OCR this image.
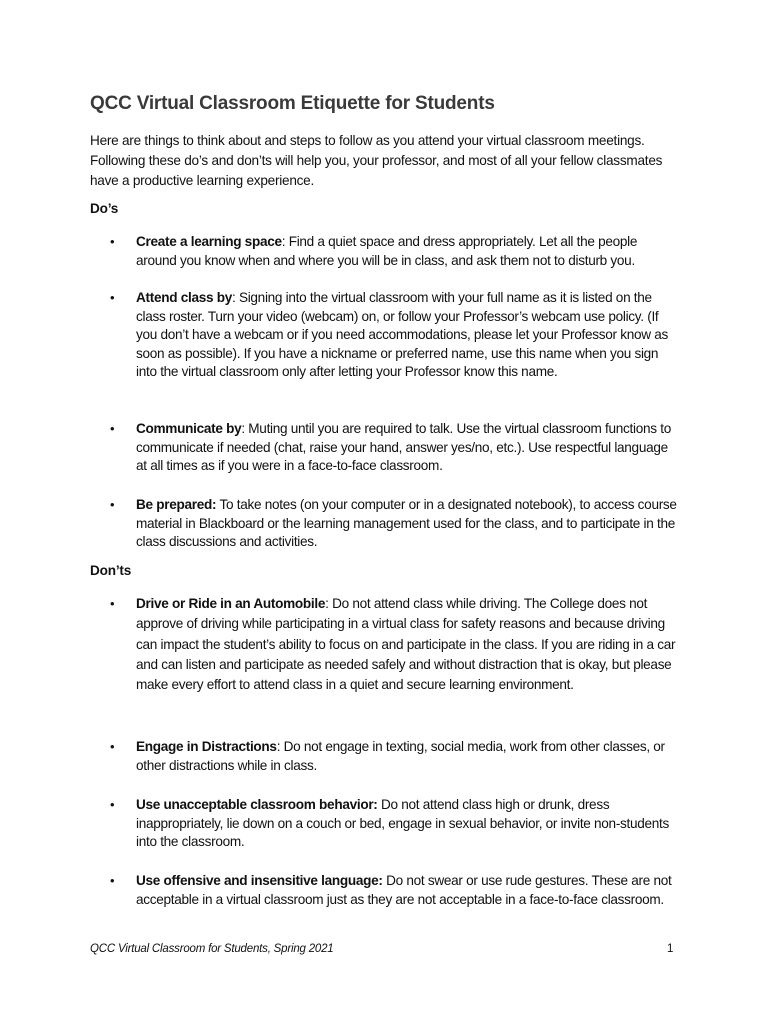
QCC Virtual Classroom Etiquette for Students
Here are things to think about and steps to follow as you attend your virtual classroom meetings. Following these do’s and don’ts will help you, your professor, and most of all your fellow classmates have a productive learning experience.
Do’s
• Create a learning space: Find a quiet space and dress appropriately. Let all the people around you know when and where you will be in class, and ask them not to disturb you.
• Attend class by: Signing into the virtual classroom with your full name as it is listed on the class roster. Turn your video (webcam) on, or follow your Professor’s webcam use policy. (If you don’t have a webcam or if you need accommodations, please let your Professor know as soon as possible). If you have a nickname or preferred name, use this name when you sign into the virtual classroom only after letting your Professor know this name.
• Communicate by: Muting until you are required to talk. Use the virtual classroom functions to communicate if needed (chat, raise your hand, answer yes/no, etc.). Use respectful language at all times as if you were in a face-to-face classroom.
• Be prepared: To take notes (on your computer or in a designated notebook), to access course material in Blackboard or the learning management used for the class, and to participate in the class discussions and activities.
Don’ts
• Drive or Ride in an Automobile: Do not attend class while driving. The College does not approve of driving while participating in a virtual class for safety reasons and because driving can impact the student’s ability to focus on and participate in the class. If you are riding in a car and can listen and participate as needed safely and without distraction that is okay, but please make every effort to attend class in a quiet and secure learning environment.
• Engage in Distractions: Do not engage in texting, social media, work from other classes, or other distractions while in class.
• Use unacceptable classroom behavior: Do not attend class high or drunk, dress inappropriately, lie down on a couch or bed, engage in sexual behavior, or invite non-students into the classroom.
• Use offensive and insensitive language: Do not swear or use rude gestures. These are not acceptable in a virtual classroom just as they are not acceptable in a face-to-face classroom.
QCC Virtual Classroom for Students, Spring 2021	1
